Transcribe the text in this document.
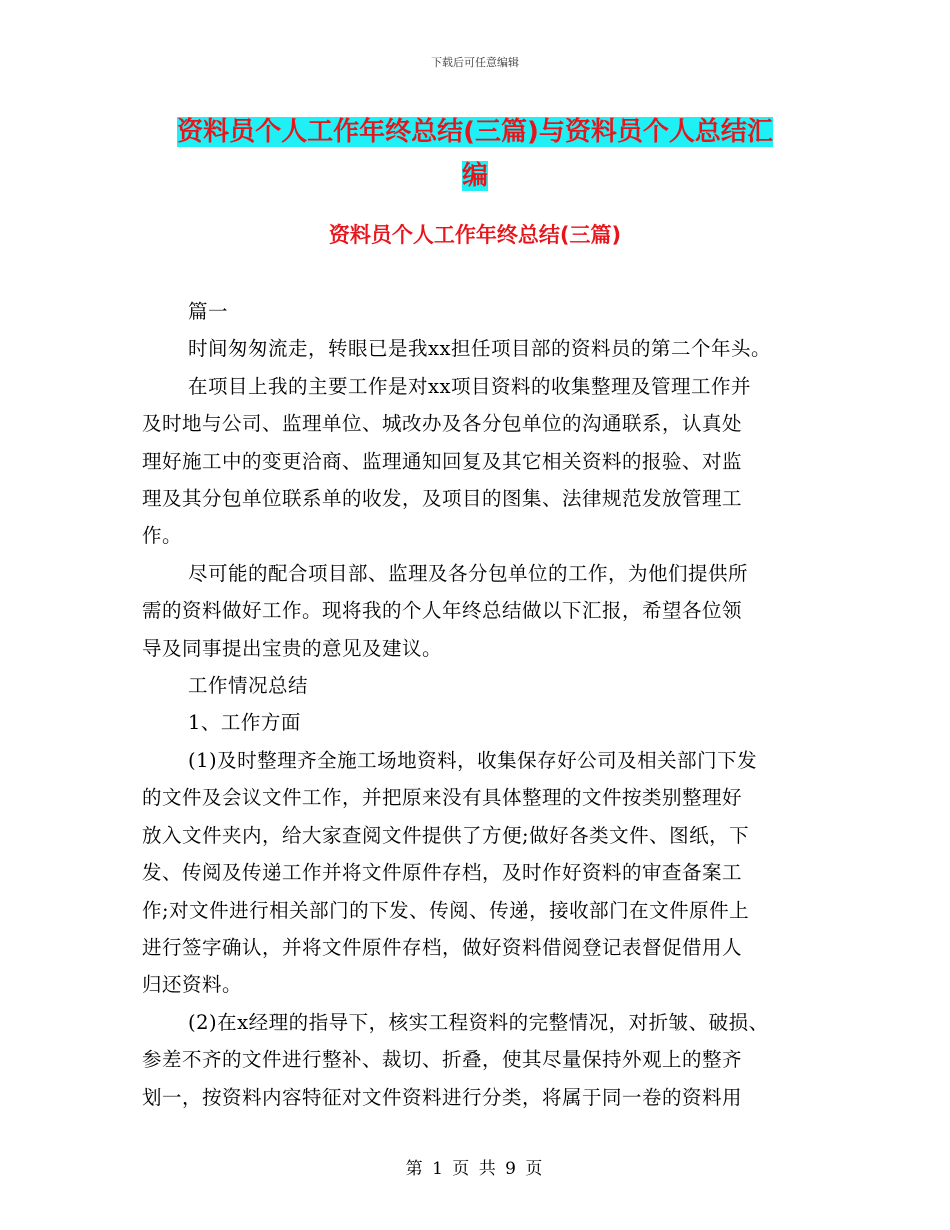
下载后可任意编辑
资料员个人工作年终总结(三篇)与资料员个人总结汇
编
资料员个人工作年终总结(三篇)

篇一

时间匆匆流走，转眼已是我xx担任项目部的资料员的第二个年头。

在项目上我的主要工作是对xx项目资料的收集整理及管理工作并
及时地与公司、监理单位、城改办及各分包单位的沟通联系，认真处
理好施工中的变更洽商、监理通知回复及其它相关资料的报验、对监
理及其分包单位联系单的收发，及项目的图集、法律规范发放管理工
作。

尽可能的配合项目部、监理及各分包单位的工作，为他们提供所
需的资料做好工作。现将我的个人年终总结做以下汇报，希望各位领
导及同事提出宝贵的意见及建议。

工作情况总结

1、工作方面

(1)及时整理齐全施工场地资料，收集保存好公司及相关部门下发
的文件及会议文件工作，并把原来没有具体整理的文件按类别整理好
放入文件夹内，给大家查阅文件提供了方便;做好各类文件、图纸，下
发、传阅及传递工作并将文件原件存档，及时作好资料的审查备案工
作;对文件进行相关部门的下发、传阅、传递，接收部门在文件原件上
进行签字确认，并将文件原件存档，做好资料借阅登记表督促借用人
归还资料。

(2)在x经理的指导下，核实工程资料的完整情况，对折皱、破损、
参差不齐的文件进行整补、裁切、折叠，使其尽量保持外观上的整齐
划一，按资料内容特征对文件资料进行分类，将属于同一卷的资料用

第 1 页 共 9 页
